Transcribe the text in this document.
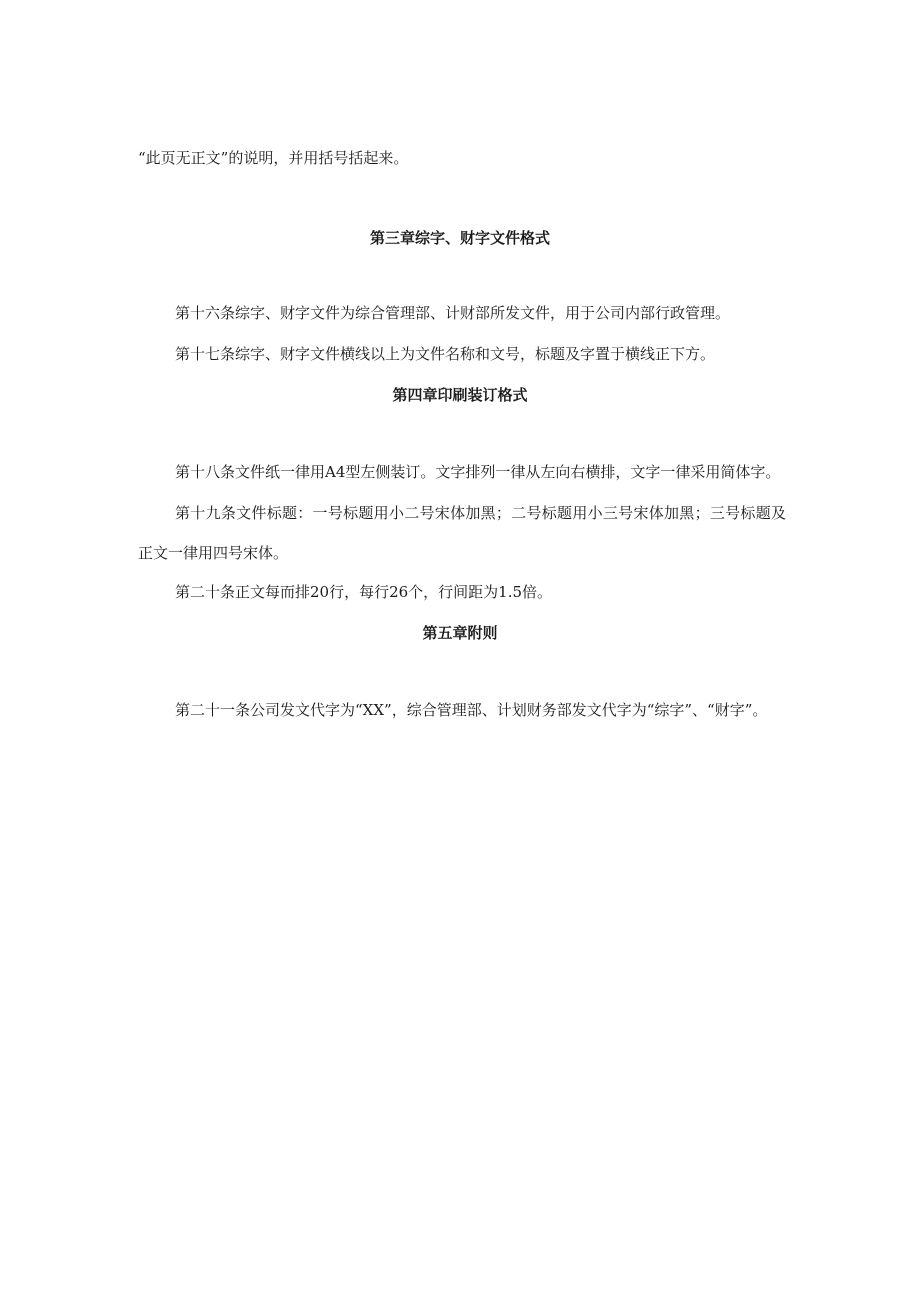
“此页无正文”的说明，并用括号括起来。

第三章综字、财字文件格式

第十六条综字、财字文件为综合管理部、计财部所发文件，用于公司内部行政管理。

第十七条综字、财字文件横线以上为文件名称和文号，标题及字置于横线正下方。

第四章印刷装订格式

第十八条文件纸一律用A4型左侧装订。文字排列一律从左向右横排，文字一律采用简体字。

第十九条文件标题：一号标题用小二号宋体加黑；二号标题用小三号宋体加黑；三号标题及正文一律用四号宋体。

第二十条正文每而排20行，每行26个，行间距为1.5倍。

第五章附则

第二十一条公司发文代字为“XX”，综合管理部、计划财务部发文代字为“综字”、“财字”。
